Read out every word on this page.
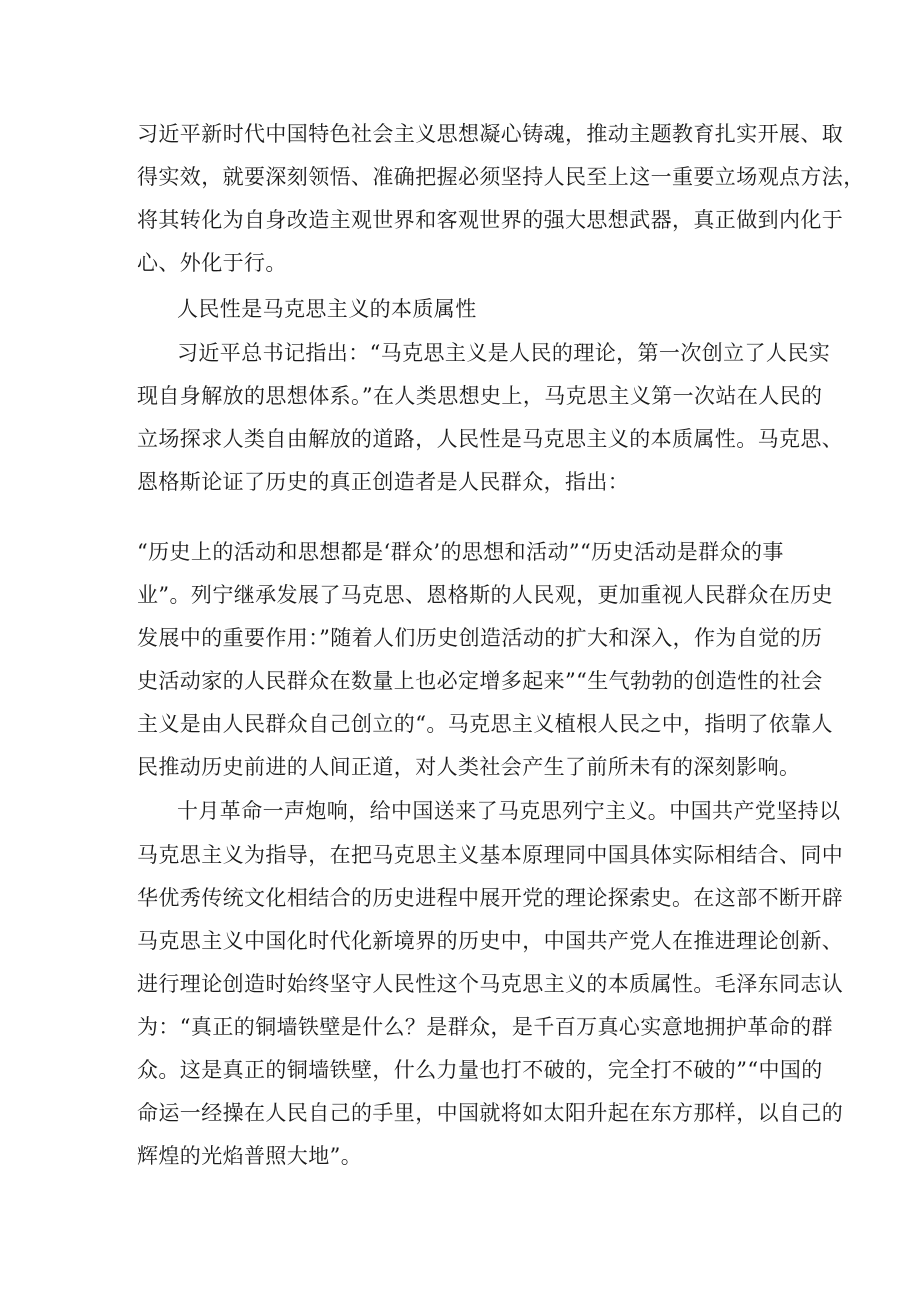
习近平新时代中国特色社会主义思想凝心铸魂，推动主题教育扎实开展、取
得实效，就要深刻领悟、准确把握必须坚持人民至上这一重要立场观点方法，
将其转化为自身改造主观世界和客观世界的强大思想武器，真正做到内化于
心、外化于行。
人民性是马克思主义的本质属性
习近平总书记指出：“马克思主义是人民的理论，第一次创立了人民实
现自身解放的思想体系。”在人类思想史上，马克思主义第一次站在人民的
立场探求人类自由解放的道路，人民性是马克思主义的本质属性。马克思、
恩格斯论证了历史的真正创造者是人民群众，指出：
“历史上的活动和思想都是‘群众’的思想和活动”“历史活动是群众的事
业”。列宁继承发展了马克思、恩格斯的人民观，更加重视人民群众在历史
发展中的重要作用：”随着人们历史创造活动的扩大和深入，作为自觉的历
史活动家的人民群众在数量上也必定增多起来”“生气勃勃的创造性的社会
主义是由人民群众自己创立的“。马克思主义植根人民之中，指明了依靠人
民推动历史前进的人间正道，对人类社会产生了前所未有的深刻影响。
十月革命一声炮响，给中国送来了马克思列宁主义。中国共产党坚持以
马克思主义为指导，在把马克思主义基本原理同中国具体实际相结合、同中
华优秀传统文化相结合的历史进程中展开党的理论探索史。在这部不断开辟
马克思主义中国化时代化新境界的历史中，中国共产党人在推进理论创新、
进行理论创造时始终坚守人民性这个马克思主义的本质属性。毛泽东同志认
为：“真正的铜墙铁壁是什么？是群众，是千百万真心实意地拥护革命的群
众。这是真正的铜墙铁壁，什么力量也打不破的，完全打不破的”“中国的
命运一经操在人民自己的手里，中国就将如太阳升起在东方那样，以自己的
辉煌的光焰普照大地”。
